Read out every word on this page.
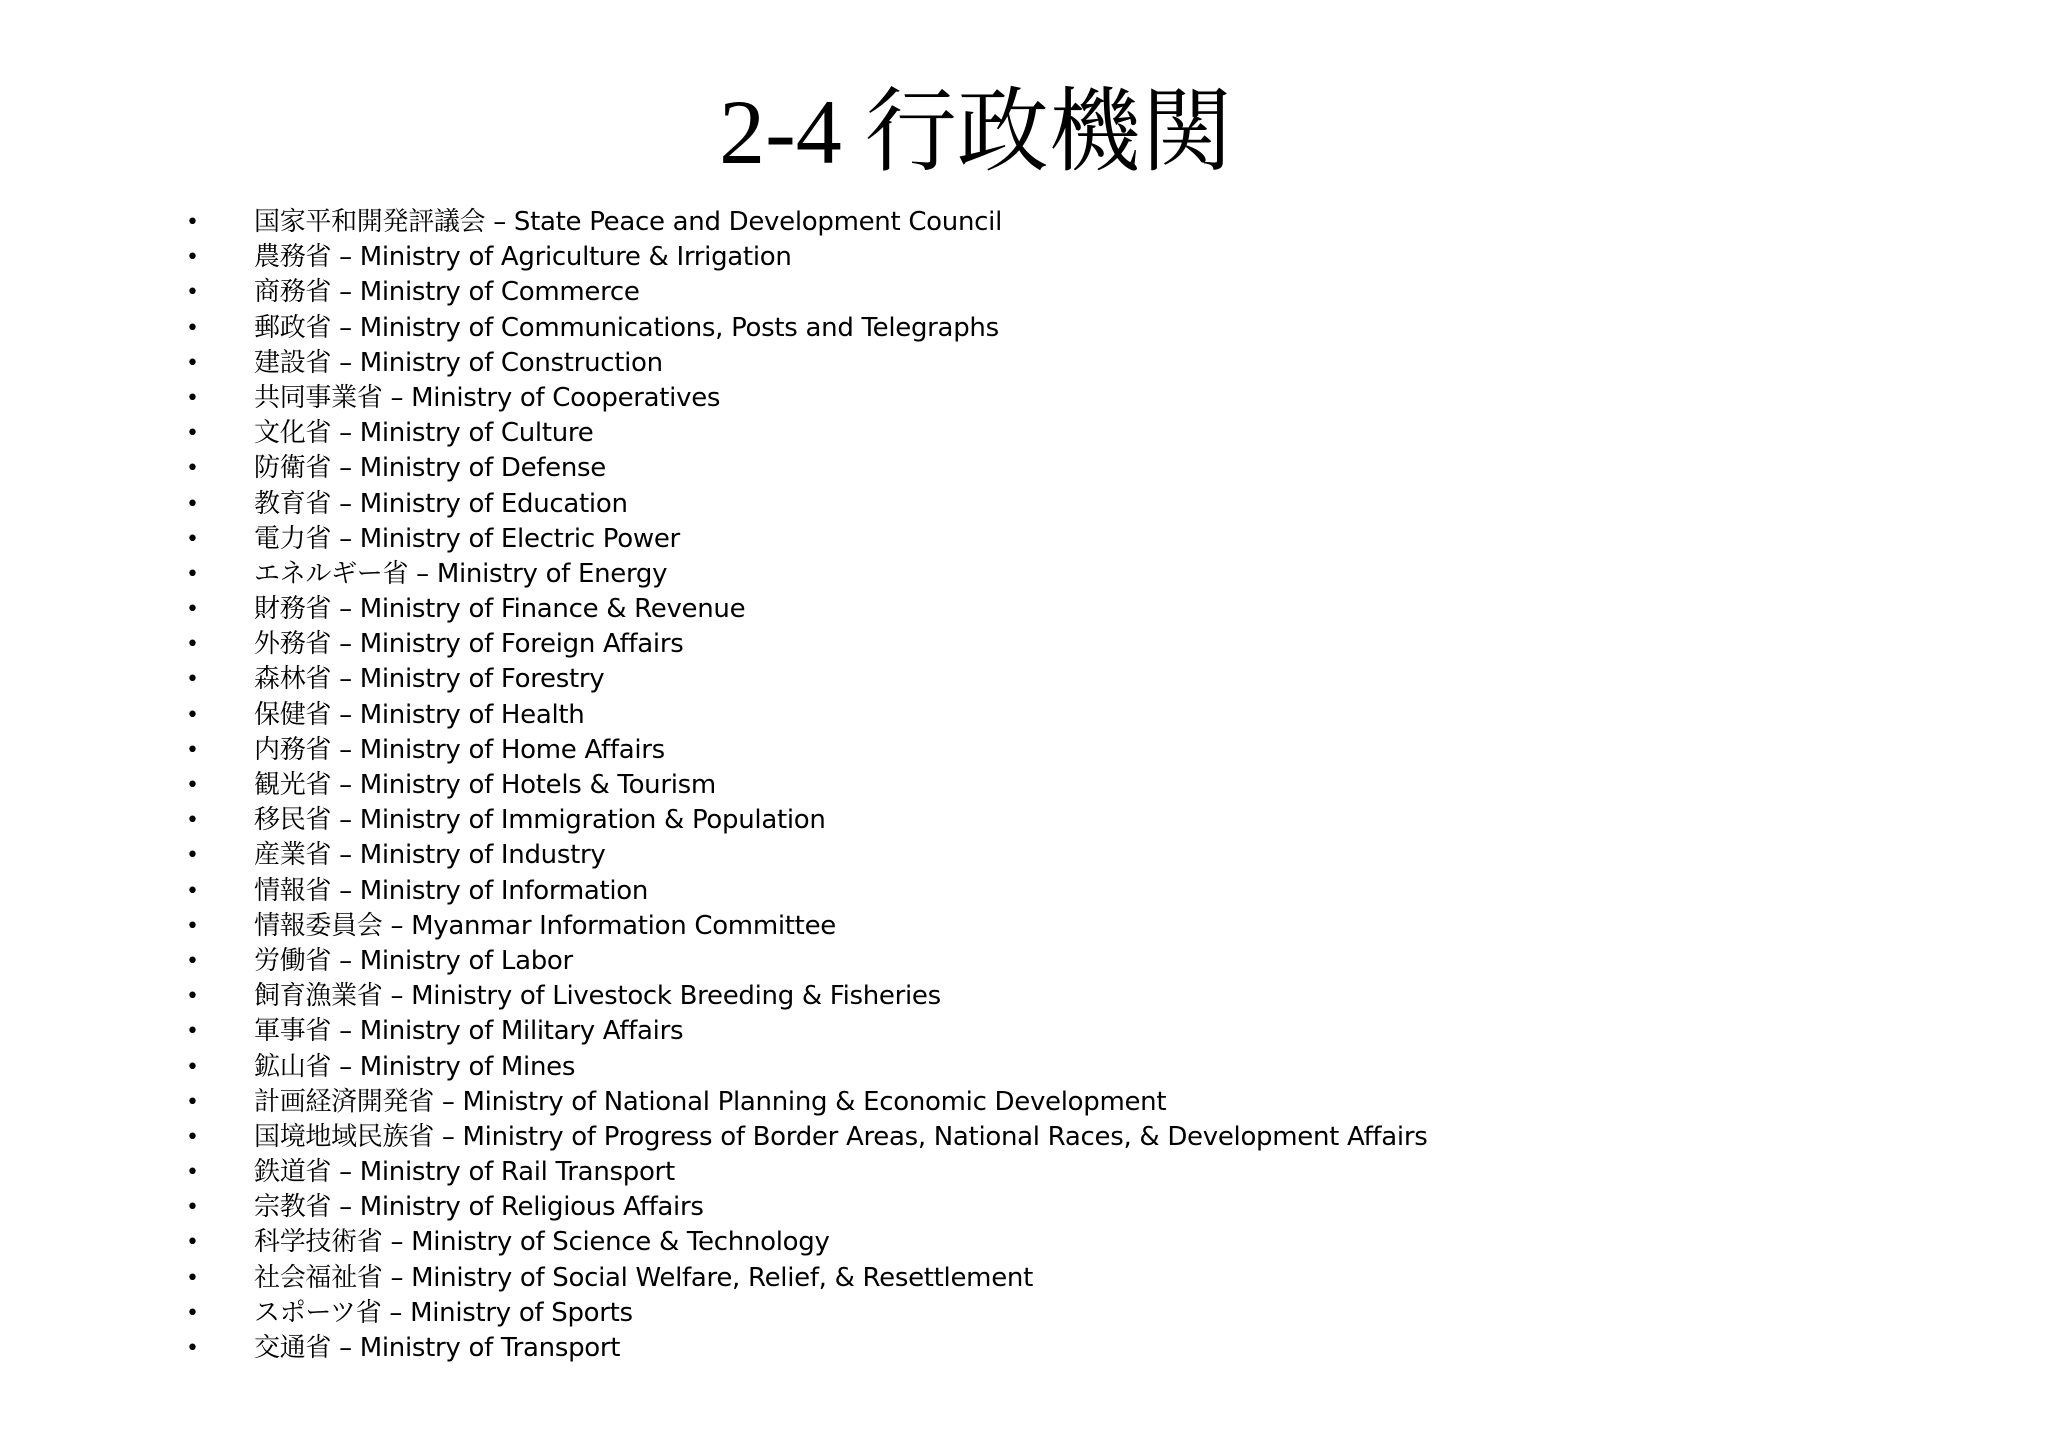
2-4 行政機関
• 国家平和開発評議会 – State Peace and Development Council
• 農務省 – Ministry of Agriculture & Irrigation
• 商務省 – Ministry of Commerce
• 郵政省 – Ministry of Communications, Posts and Telegraphs
• 建設省 – Ministry of Construction
• 共同事業省 – Ministry of Cooperatives
• 文化省 – Ministry of Culture
• 防衛省 – Ministry of Defense
• 教育省 – Ministry of Education
• 電力省 – Ministry of Electric Power
• エネルギー省 – Ministry of Energy
• 財務省 – Ministry of Finance & Revenue
• 外務省 – Ministry of Foreign Affairs
• 森林省 – Ministry of Forestry
• 保健省 – Ministry of Health
• 内務省 – Ministry of Home Affairs
• 観光省 – Ministry of Hotels & Tourism
• 移民省 – Ministry of Immigration & Population
• 産業省 – Ministry of Industry
• 情報省 – Ministry of Information
• 情報委員会 – Myanmar Information Committee
• 労働省 – Ministry of Labor
• 飼育漁業省 – Ministry of Livestock Breeding & Fisheries
• 軍事省 – Ministry of Military Affairs
• 鉱山省 – Ministry of Mines
• 計画経済開発省 – Ministry of National Planning & Economic Development
• 国境地域民族省 – Ministry of Progress of Border Areas, National Races, & Development Affairs
• 鉄道省 – Ministry of Rail Transport
• 宗教省 – Ministry of Religious Affairs
• 科学技術省 – Ministry of Science & Technology
• 社会福祉省 – Ministry of Social Welfare, Relief, & Resettlement
• スポーツ省 – Ministry of Sports
• 交通省 – Ministry of Transport
